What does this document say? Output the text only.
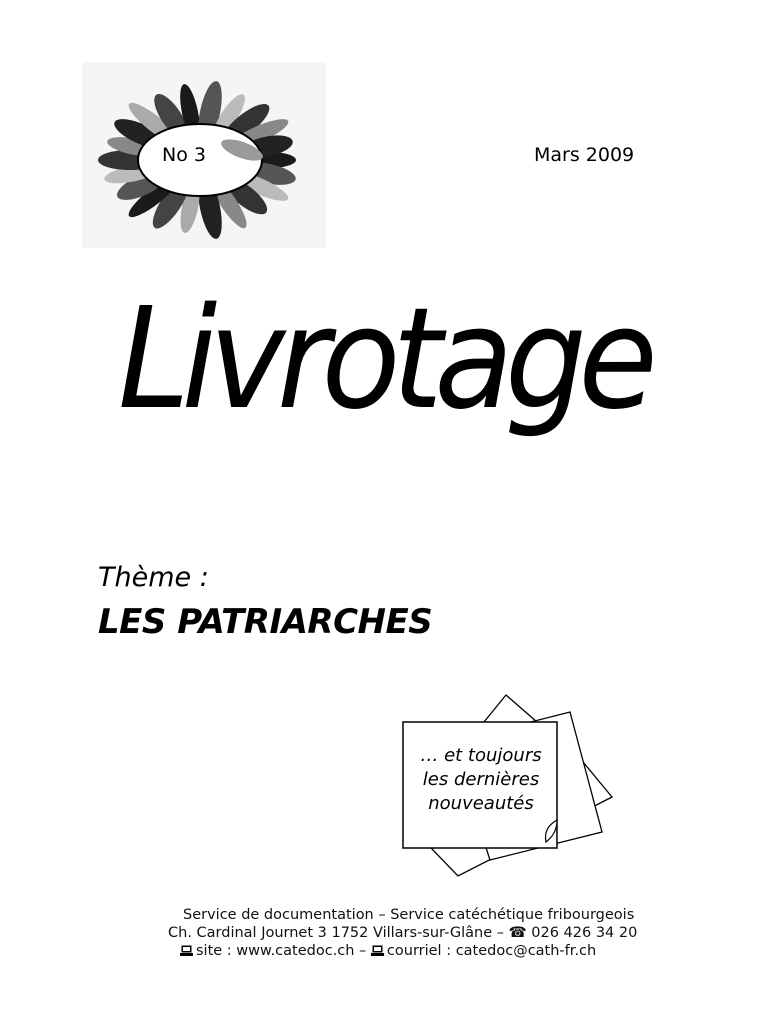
No 3	Mars 2009
Livrotage
Thème :
LES PATRIARCHES
… et toujours
les dernières
nouveautés
Service de documentation – Service catéchétique fribourgeois
Ch. Cardinal Journet 3 1752 Villars-sur-Glâne – ☎ 026 426 34 20
site : www.catedoc.ch – courriel : catedoc@cath-fr.ch
